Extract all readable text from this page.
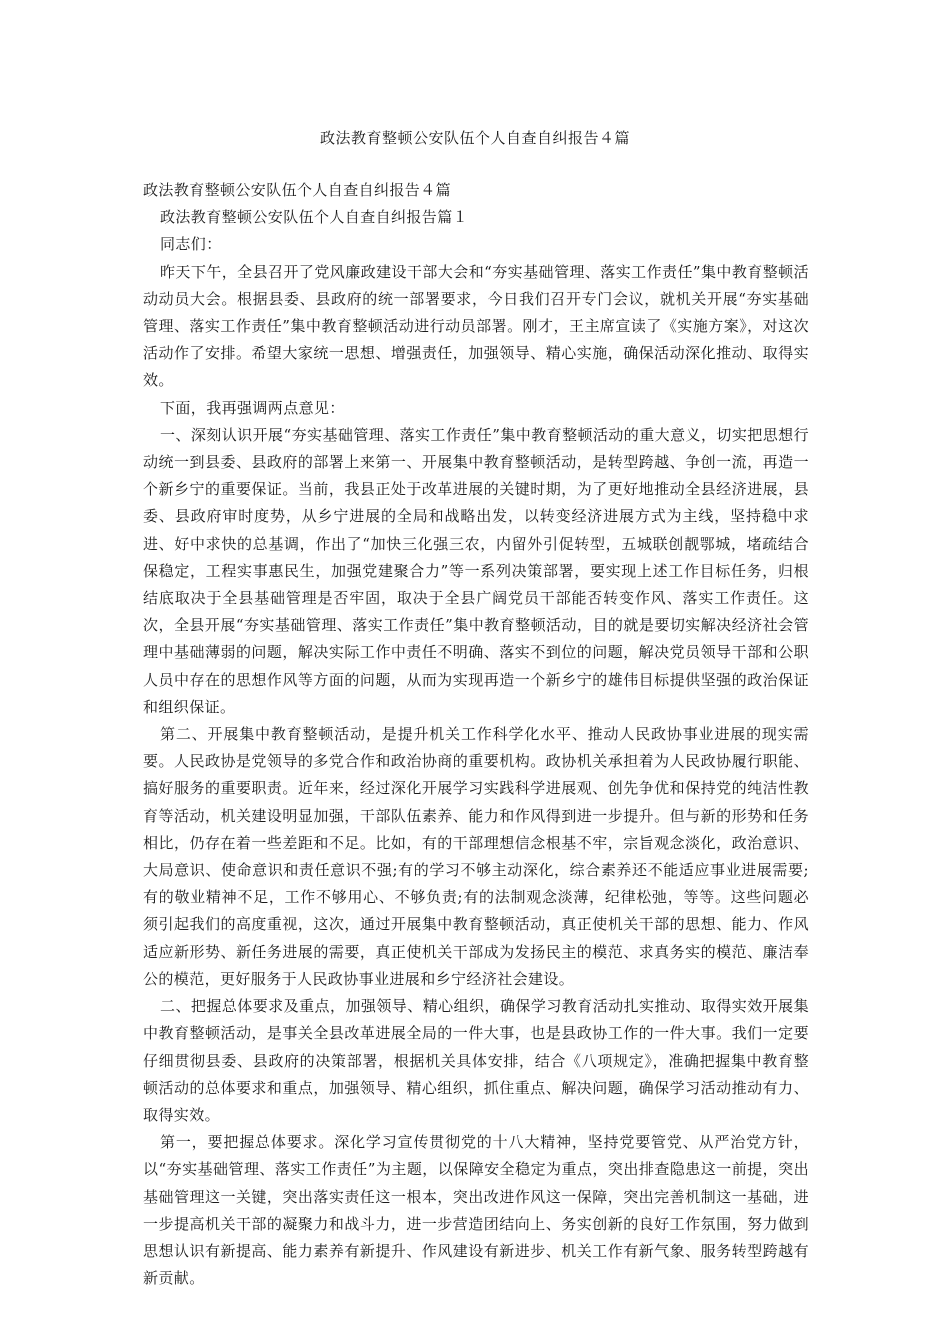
政法教育整顿公安队伍个人自查自纠报告４篇

政法教育整顿公安队伍个人自查自纠报告４篇

政法教育整顿公安队伍个人自查自纠报告篇１

同志们：

昨天下午，全县召开了党风廉政建设干部大会和“夯实基础管理、落实工作责任”集中教育整顿活动动员大会。根据县委、县政府的统一部署要求，今日我们召开专门会议，就机关开展“夯实基础管理、落实工作责任”集中教育整顿活动进行动员部署。刚才，王主席宣读了《实施方案》，对这次活动作了安排。希望大家统一思想、增强责任，加强领导、精心实施，确保活动深化推动、取得实效。

下面，我再强调两点意见：

一、深刻认识开展“夯实基础管理、落实工作责任”集中教育整顿活动的重大意义，切实把思想行动统一到县委、县政府的部署上来第一、开展集中教育整顿活动，是转型跨越、争创一流，再造一个新乡宁的重要保证。当前，我县正处于改革进展的关键时期，为了更好地推动全县经济进展，县委、县政府审时度势，从乡宁进展的全局和战略出发，以转变经济进展方式为主线，坚持稳中求进、好中求快的总基调，作出了“加快三化强三农，内留外引促转型，五城联创靓鄂城，堵疏结合保稳定，工程实事惠民生，加强党建聚合力”等一系列决策部署，要实现上述工作目标任务，归根结底取决于全县基础管理是否牢固，取决于全县广阔党员干部能否转变作风、落实工作责任。这次，全县开展“夯实基础管理、落实工作责任”集中教育整顿活动，目的就是要切实解决经济社会管理中基础薄弱的问题，解决实际工作中责任不明确、落实不到位的问题，解决党员领导干部和公职人员中存在的思想作风等方面的问题，从而为实现再造一个新乡宁的雄伟目标提供坚强的政治保证和组织保证。

第二、开展集中教育整顿活动，是提升机关工作科学化水平、推动人民政协事业进展的现实需要。人民政协是党领导的多党合作和政治协商的重要机构。政协机关承担着为人民政协履行职能、搞好服务的重要职责。近年来，经过深化开展学习实践科学进展观、创先争优和保持党的纯洁性教育等活动，机关建设明显加强，干部队伍素养、能力和作风得到进一步提升。但与新的形势和任务相比，仍存在着一些差距和不足。比如，有的干部理想信念根基不牢，宗旨观念淡化，政治意识、大局意识、使命意识和责任意识不强;有的学习不够主动深化，综合素养还不能适应事业进展需要;有的敬业精神不足，工作不够用心、不够负责;有的法制观念淡薄，纪律松弛，等等。这些问题必须引起我们的高度重视，这次，通过开展集中教育整顿活动，真正使机关干部的思想、能力、作风适应新形势、新任务进展的需要，真正使机关干部成为发扬民主的模范、求真务实的模范、廉洁奉公的模范，更好服务于人民政协事业进展和乡宁经济社会建设。

二、把握总体要求及重点，加强领导、精心组织，确保学习教育活动扎实推动、取得实效开展集中教育整顿活动，是事关全县改革进展全局的一件大事，也是县政协工作的一件大事。我们一定要仔细贯彻县委、县政府的决策部署，根据机关具体安排，结合《八项规定》，准确把握集中教育整顿活动的总体要求和重点，加强领导、精心组织，抓住重点、解决问题，确保学习活动推动有力、取得实效。

第一，要把握总体要求。深化学习宣传贯彻党的十八大精神，坚持党要管党、从严治党方针，以“夯实基础管理、落实工作责任”为主题，以保障安全稳定为重点，突出排查隐患这一前提，突出基础管理这一关键，突出落实责任这一根本，突出改进作风这一保障，突出完善机制这一基础，进一步提高机关干部的凝聚力和战斗力，进一步营造团结向上、务实创新的良好工作氛围，努力做到思想认识有新提高、能力素养有新提升、作风建设有新进步、机关工作有新气象、服务转型跨越有新贡献。
